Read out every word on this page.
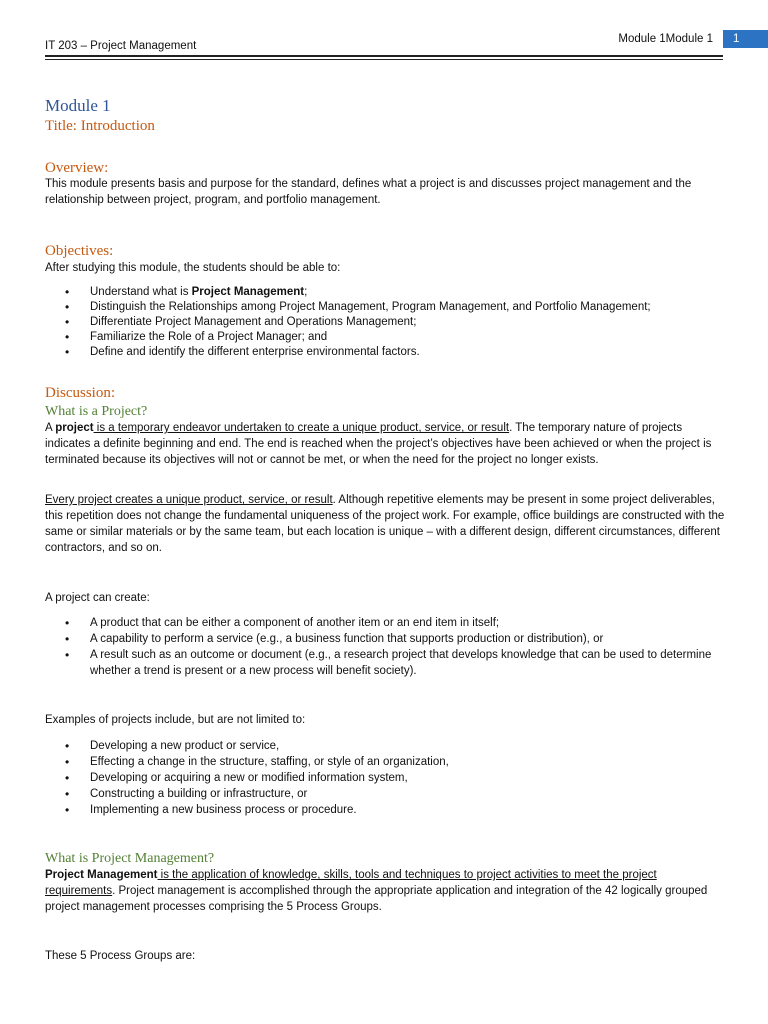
IT 203 – Project Management
Module 1Module 1	1
Module 1
Title: Introduction
Overview:

This module presents basis and purpose for the standard, defines what a project is and discusses project management and the relationship between project, program, and portfolio management.

Objectives:

After studying this module, the students should be able to:

• Understand what is Project Management;
• Distinguish the Relationships among Project Management, Program Management, and Portfolio Management;
• Differentiate Project Management and Operations Management;
• Familiarize the Role of a Project Manager; and
• Define and identify the different enterprise environmental factors.
Discussion:
What is a Project?

A project is a temporary endeavor undertaken to create a unique product, service, or result. The temporary nature of projects indicates a definite beginning and end. The end is reached when the project’s objectives have been achieved or when the project is terminated because its objectives will not or cannot be met, or when the need for the project no longer exists.

Every project creates a unique product, service, or result. Although repetitive elements may be present in some project deliverables, this repetition does not change the fundamental uniqueness of the project work. For example, office buildings are constructed with the same or similar materials or by the same team, but each location is unique – with a different design, different circumstances, different contractors, and so on.

A project can create:

• A product that can be either a component of another item or an end item in itself;
• A capability to perform a service (e.g., a business function that supports production or distribution), or
• A result such as an outcome or document (e.g., a research project that develops knowledge that can be used to determine whether a trend is present or a new process will benefit society).

Examples of projects include, but are not limited to:

• Developing a new product or service,
• Effecting a change in the structure, staffing, or style of an organization,
• Developing or acquiring a new or modified information system,
• Constructing a building or infrastructure, or
• Implementing a new business process or procedure.
What is Project Management?

Project Management is the application of knowledge, skills, tools and techniques to project activities to meet the project requirements. Project management is accomplished through the appropriate application and integration of the 42 logically grouped project management processes comprising the 5 Process Groups.

These 5 Process Groups are:
